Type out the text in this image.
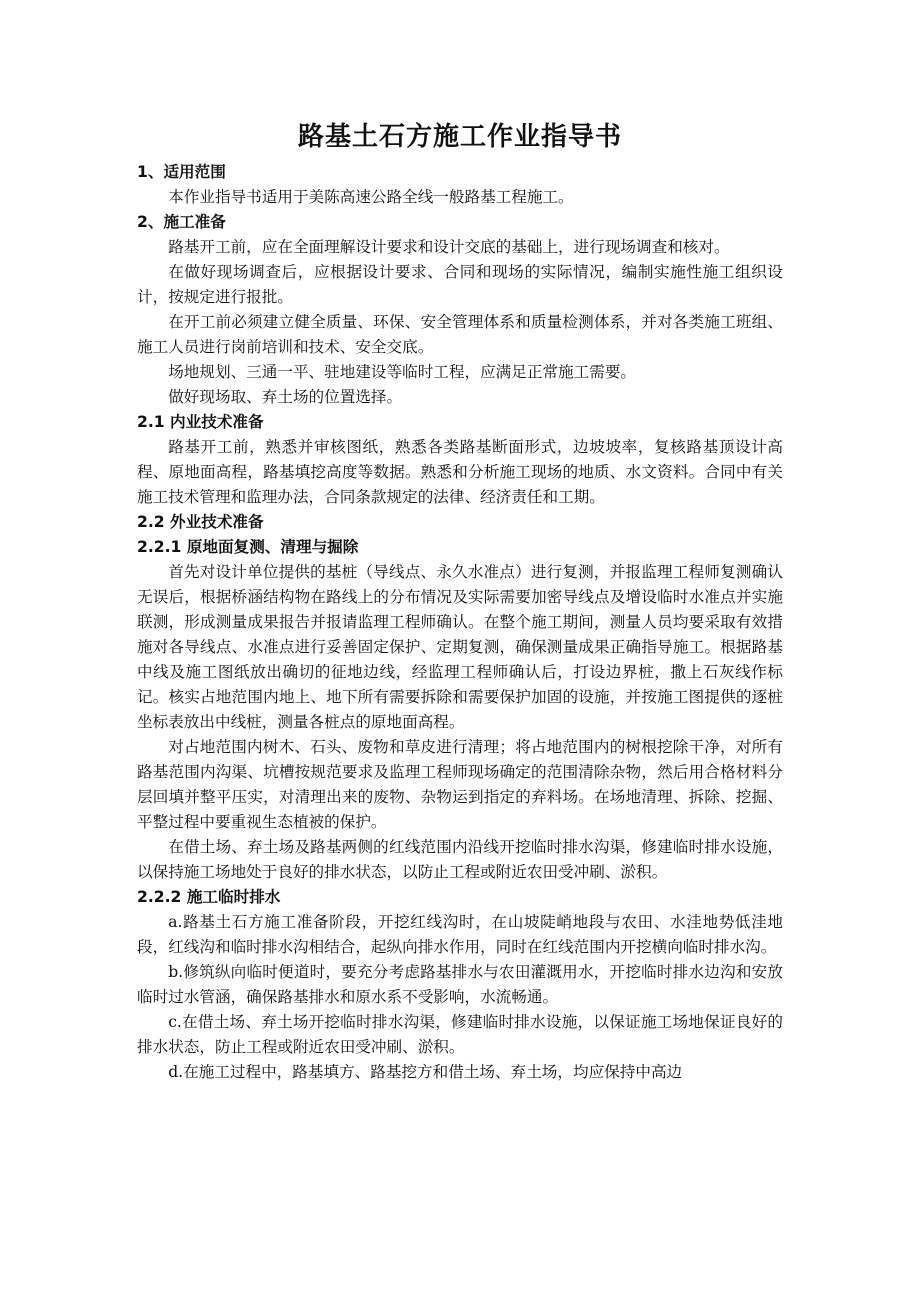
路基土石方施工作业指导书
1、适用范围

本作业指导书适用于美陈高速公路全线一般路基工程施工。

2、施工准备

路基开工前，应在全面理解设计要求和设计交底的基础上，进行现场调查和核对。

在做好现场调查后，应根据设计要求、合同和现场的实际情况，编制实施性施工组织设计，按规定进行报批。

在开工前必须建立健全质量、环保、安全管理体系和质量检测体系，并对各类施工班组、施工人员进行岗前培训和技术、安全交底。

场地规划、三通一平、驻地建设等临时工程，应满足正常施工需要。

做好现场取、弃土场的位置选择。

2.1 内业技术准备

路基开工前，熟悉并审核图纸，熟悉各类路基断面形式，边坡坡率，复核路基顶设计高程、原地面高程，路基填挖高度等数据。熟悉和分析施工现场的地质、水文资料。合同中有关施工技术管理和监理办法，合同条款规定的法律、经济责任和工期。

2.2 外业技术准备
2.2.1 原地面复测、清理与掘除

首先对设计单位提供的基桩（导线点、永久水准点）进行复测，并报监理工程师复测确认无误后，根据桥涵结构物在路线上的分布情况及实际需要加密导线点及增设临时水准点并实施联测，形成测量成果报告并报请监理工程师确认。在整个施工期间，测量人员均要采取有效措施对各导线点、水准点进行妥善固定保护、定期复测，确保测量成果正确指导施工。根据路基中线及施工图纸放出确切的征地边线，经监理工程师确认后，打设边界桩，撒上石灰线作标记。核实占地范围内地上、地下所有需要拆除和需要保护加固的设施，并按施工图提供的逐桩坐标表放出中线桩，测量各桩点的原地面高程。

对占地范围内树木、石头、废物和草皮进行清理；将占地范围内的树根挖除干净，对所有路基范围内沟渠、坑槽按规范要求及监理工程师现场确定的范围清除杂物，然后用合格材料分层回填并整平压实，对清理出来的废物、杂物运到指定的弃料场。在场地清理、拆除、挖掘、平整过程中要重视生态植被的保护。

在借土场、弃土场及路基两侧的红线范围内沿线开挖临时排水沟渠，修建临时排水设施，以保持施工场地处于良好的排水状态，以防止工程或附近农田受冲刷、淤积。

2.2.2 施工临时排水

a.路基土石方施工准备阶段，开挖红线沟时，在山坡陡峭地段与农田、水洼地势低洼地段，红线沟和临时排水沟相结合，起纵向排水作用，同时在红线范围内开挖横向临时排水沟。

b.修筑纵向临时便道时，要充分考虑路基排水与农田灌溉用水，开挖临时排水边沟和安放临时过水管涵，确保路基排水和原水系不受影响，水流畅通。

c.在借土场、弃土场开挖临时排水沟渠，修建临时排水设施，以保证施工场地保证良好的排水状态，防止工程或附近农田受冲刷、淤积。

d.在施工过程中，路基填方、路基挖方和借土场、弃土场，均应保持中高边
